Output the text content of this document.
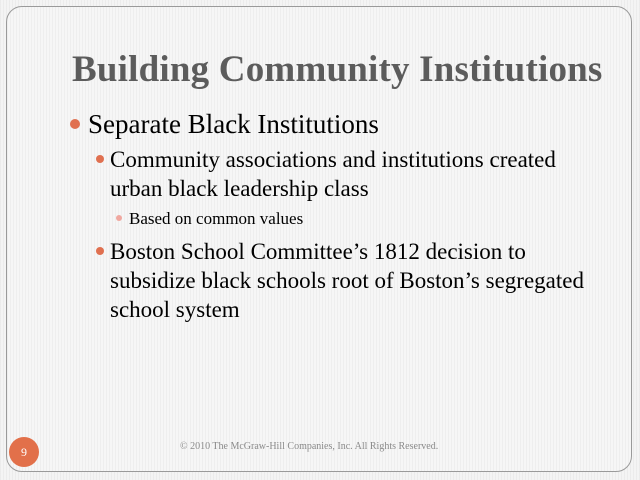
Building Community Institutions
Separate Black Institutions
Community associations and institutions created urban black leadership class
Based on common values
Boston School Committee’s 1812 decision to subsidize black schools root of Boston’s segregated school system
9	© 2010 The McGraw-Hill Companies, Inc. All Rights Reserved.
